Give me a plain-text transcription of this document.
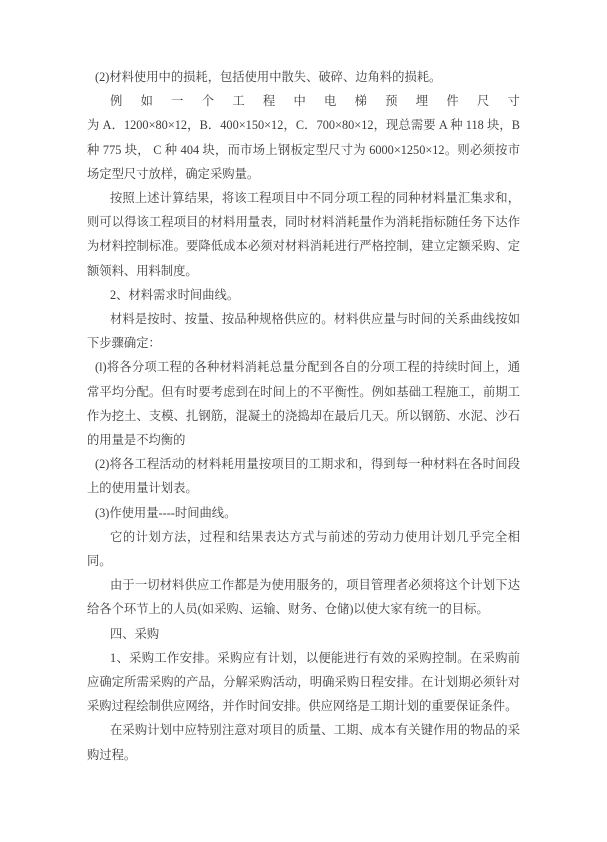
(2)材料使用中的损耗，包括使用中散失、破碎、边角料的损耗。

例 如 一 个 工 程 中 电 梯 预 埋 件 尺 寸

为 A．1200×80×12，B．400×150×12，C．700×80×12，现总需要 A 种 118 块，B 种 775 块， C 种 404 块，而市场上钢板定型尺寸为 6000×1250×12。则必须按市场定型尺寸放样，确定采购量。

按照上述计算结果，将该工程项目中不同分项工程的同种材料量汇集求和，则可以得该工程项目的材料用量表，同时材料消耗量作为消耗指标随任务下达作为材料控制标准。要降低成本必须对材料消耗进行严格控制，建立定额采购、定额领料、用料制度。

2、材料需求时间曲线。

材料是按时、按量、按品种规格供应的。材料供应量与时间的关系曲线按如下步骤确定：

(l)将各分项工程的各种材料消耗总量分配到各自的分项工程的持续时间上，通常平均分配。但有时要考虑到在时间上的不平衡性。例如基础工程施工，前期工作为挖土、支模、扎钢筋，混凝土的浇捣却在最后几天。所以钢筋、水泥、沙石的用量是不均衡的

(2)将各工程活动的材料耗用量按项目的工期求和，得到每一种材料在各时间段上的使用量计划表。

(3)作使用量----时间曲线。

它的计划方法，过程和结果表达方式与前述的劳动力使用计划几乎完全相同。

由于一切材料供应工作都是为使用服务的，项目管理者必须将这个计划下达给各个环节上的人员(如采购、运输、财务、仓储)以使大家有统一的目标。

四、采购

1、采购工作安排。采购应有计划，以便能进行有效的采购控制。在采购前应确定所需采购的产品，分解采购活动，明确采购日程安排。在计划期必须针对采购过程绘制供应网络，并作时间安排。供应网络是工期计划的重要保证条件。

在采购计划中应特别注意对项目的质量、工期、成本有关键作用的物品的采购过程。
